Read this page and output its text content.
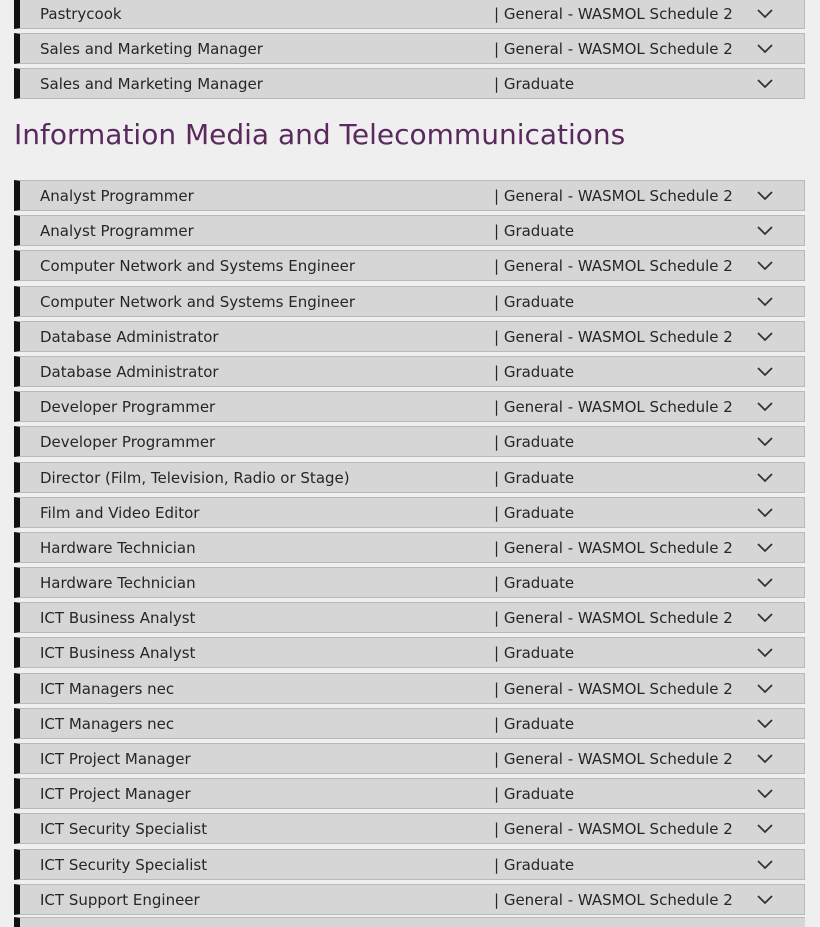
Pastrycook	| General - WASMOL Schedule 2
Sales and Marketing Manager	| General - WASMOL Schedule 2
Sales and Marketing Manager	| Graduate
Information Media and Telecommunications
Analyst Programmer	| General - WASMOL Schedule 2
Analyst Programmer	| Graduate
Computer Network and Systems Engineer	| General - WASMOL Schedule 2
Computer Network and Systems Engineer	| Graduate
Database Administrator	| General - WASMOL Schedule 2
Database Administrator	| Graduate
Developer Programmer	| General - WASMOL Schedule 2
Developer Programmer	| Graduate
Director (Film, Television, Radio or Stage)	| Graduate
Film and Video Editor	| Graduate
Hardware Technician	| General - WASMOL Schedule 2
Hardware Technician	| Graduate
ICT Business Analyst	| General - WASMOL Schedule 2
ICT Business Analyst	| Graduate
ICT Managers nec	| General - WASMOL Schedule 2
ICT Managers nec	| Graduate
ICT Project Manager	| General - WASMOL Schedule 2
ICT Project Manager	| Graduate
ICT Security Specialist	| General - WASMOL Schedule 2
ICT Security Specialist	| Graduate
ICT Support Engineer	| General - WASMOL Schedule 2
